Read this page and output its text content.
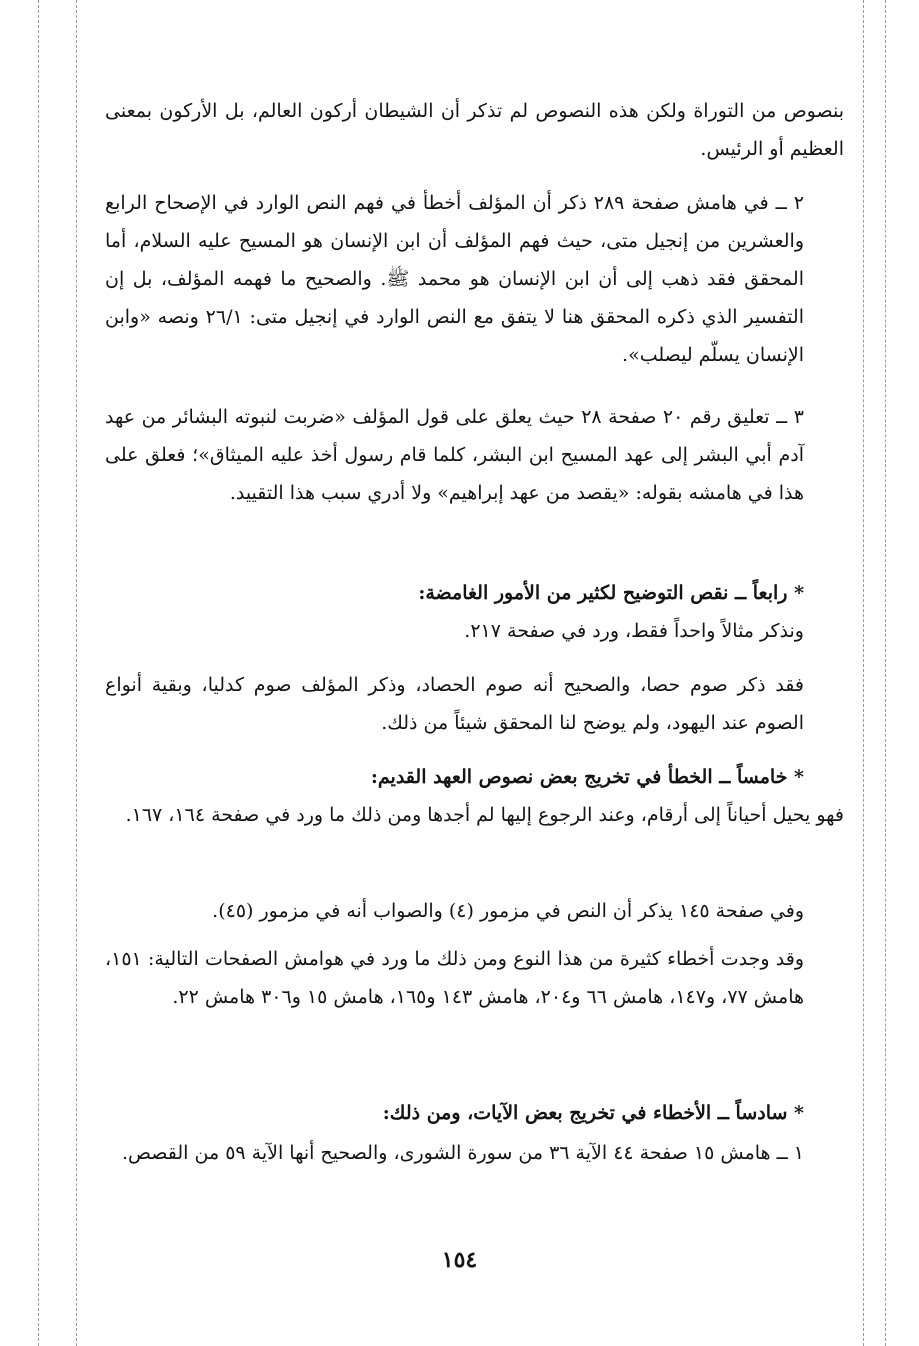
بنصوص من التوراة ولكن هذه النصوص لم تذكر أن الشيطان أركون العالم، بل الأركون بمعنى العظيم أو الرئيس.

٢ ــ في هامش صفحة ٢٨٩ ذكر أن المؤلف أخطأ في فهم النص الوارد في الإصحاح الرابع والعشرين من إنجيل متى، حيث فهم المؤلف أن ابن الإنسان هو المسيح عليه السلام، أما المحقق فقد ذهب إلى أن ابن الإنسان هو محمد ﷺ. والصحيح ما فهمه المؤلف، بل إن التفسير الذي ذكره المحقق هنا لا يتفق مع النص الوارد في إنجيل متى: ٢٦/١ ونصه «وابن الإنسان يسلّم ليصلب».

٣ ــ تعليق رقم ٢٠ صفحة ٢٨ حيث يعلق على قول المؤلف «ضربت لنبوته البشائر من عهد آدم أبي البشر إلى عهد المسيح ابن البشر، كلما قام رسول أخذ عليه الميثاق»؛ فعلق على هذا في هامشه بقوله: «يقصد من عهد إبراهيم» ولا أدري سبب هذا التقييد.

* رابعاً ــ نقص التوضيح لكثير من الأمور الغامضة:

ونذكر مثالاً واحداً فقط، ورد في صفحة ٢١٧.

فقد ذكر صوم حصا، والصحيح أنه صوم الحصاد، وذكر المؤلف صوم كدليا، وبقية أنواع الصوم عند اليهود، ولم يوضح لنا المحقق شيئاً من ذلك.

* خامساً ــ الخطأ في تخريج بعض نصوص العهد القديم:

فهو يحيل أحياناً إلى أرقام، وعند الرجوع إليها لم أجدها ومن ذلك ما ورد في صفحة ١٦٤، ١٦٧.

وفي صفحة ١٤٥ يذكر أن النص في مزمور (٤) والصواب أنه في مزمور (٤٥).

وقد وجدت أخطاء كثيرة من هذا النوع ومن ذلك ما ورد في هوامش الصفحات التالية: ١٥١، هامش ٧٧، و١٤٧، هامش ٦٦ و٢٠٤، هامش ١٤٣ و١٦٥، هامش ١٥ و٣٠٦ هامش ٢٢.

* سادساً ــ الأخطاء في تخريج بعض الآيات، ومن ذلك:

١ ــ هامش ١٥ صفحة ٤٤ الآية ٣٦ من سورة الشورى، والصحيح أنها الآية ٥٩ من القصص.

١٥٤
